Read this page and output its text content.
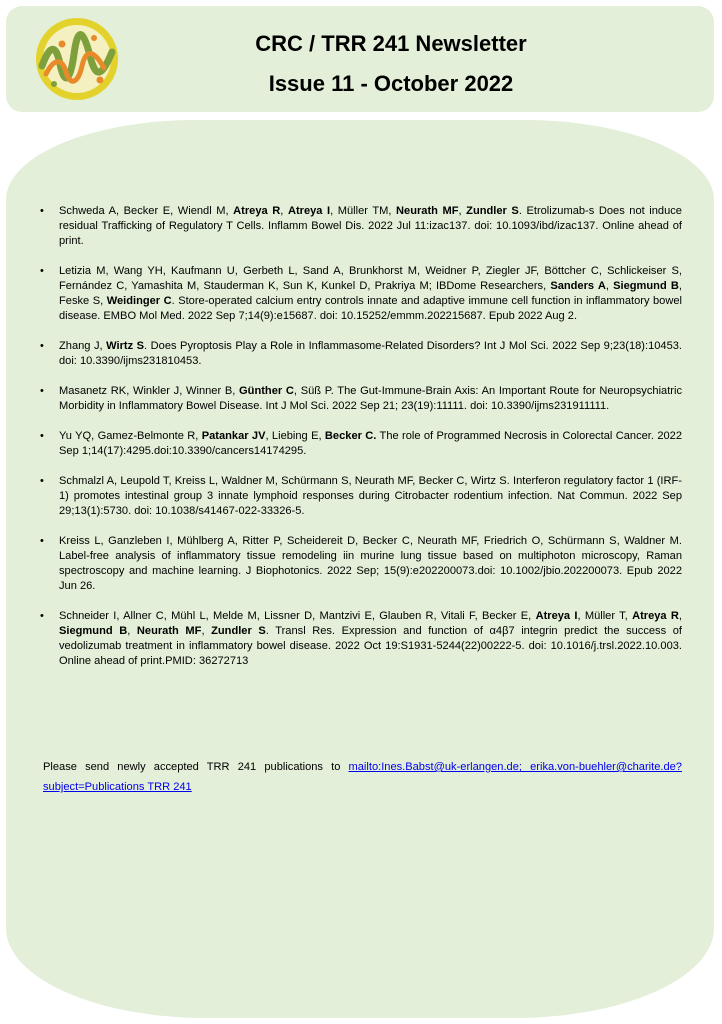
CRC / TRR 241 Newsletter
Issue 11 - October 2022
• Schweda A, Becker E, Wiendl M, Atreya R, Atreya I, Müller TM, Neurath MF, Zundler S. Etrolizumab-s Does not induce residual Trafficking of Regulatory T Cells. Inflamm Bowel Dis. 2022 Jul 11:izac137. doi: 10.1093/ibd/izac137. Online ahead of print.
• Letizia M, Wang YH, Kaufmann U, Gerbeth L, Sand A, Brunkhorst M, Weidner P, Ziegler JF, Böttcher C, Schlickeiser S, Fernández C, Yamashita M, Stauderman K, Sun K, Kunkel D, Prakriya M; IBDome Researchers, Sanders A, Siegmund B, Feske S, Weidinger C. Store-operated calcium entry controls innate and adaptive immune cell function in inflammatory bowel disease. EMBO Mol Med. 2022 Sep 7;14(9):e15687. doi: 10.15252/emmm.202215687. Epub 2022 Aug 2.
• Zhang J, Wirtz S. Does Pyroptosis Play a Role in Inflammasome-Related Disorders? Int J Mol Sci. 2022 Sep 9;23(18):10453. doi: 10.3390/ijms231810453.
• Masanetz RK, Winkler J, Winner B, Günther C, Süß P. The Gut-Immune-Brain Axis: An Important Route for Neuropsychiatric Morbidity in Inflammatory Bowel Disease. Int J Mol Sci. 2022 Sep 21; 23(19):11111. doi: 10.3390/ijms231911111.
• Yu YQ, Gamez-Belmonte R, Patankar JV, Liebing E, Becker C. The role of Programmed Necrosis in Colorectal Cancer. 2022 Sep 1;14(17):4295.doi:10.3390/cancers14174295.
• Schmalzl A, Leupold T, Kreiss L, Waldner M, Schürmann S, Neurath MF, Becker C, Wirtz S. Interferon regulatory factor 1 (IRF-1) promotes intestinal group 3 innate lymphoid responses during Citrobacter rodentium infection. Nat Commun. 2022 Sep 29;13(1):5730. doi: 10.1038/s41467-022-33326-5.
• Kreiss L, Ganzleben I, Mühlberg A, Ritter P, Scheidereit D, Becker C, Neurath MF, Friedrich O, Schürmann S, Waldner M. Label-free analysis of inflammatory tissue remodeling iin murine lung tissue based on multiphoton microscopy, Raman spectroscopy and machine learning. J Biophotonics. 2022 Sep; 15(9):e202200073.doi: 10.1002/jbio.202200073. Epub 2022 Jun 26.
• Schneider I, Allner C, Mühl L, Melde M, Lissner D, Mantzivi E, Glauben R, Vitali F, Becker E, Atreya I, Müller T, Atreya R, Siegmund B, Neurath MF, Zundler S. Transl Res. Expression and function of α4β7 integrin predict the success of vedolizumab treatment in inflammatory bowel disease. 2022 Oct 19:S1931-5244(22)00222-5. doi: 10.1016/j.trsl.2022.10.003. Online ahead of print.PMID: 36272713
Please send newly accepted TRR 241 publications to mailto:Ines.Babst@uk-erlangen.de; erika.von-buehler@charite.de?subject=Publications TRR 241
